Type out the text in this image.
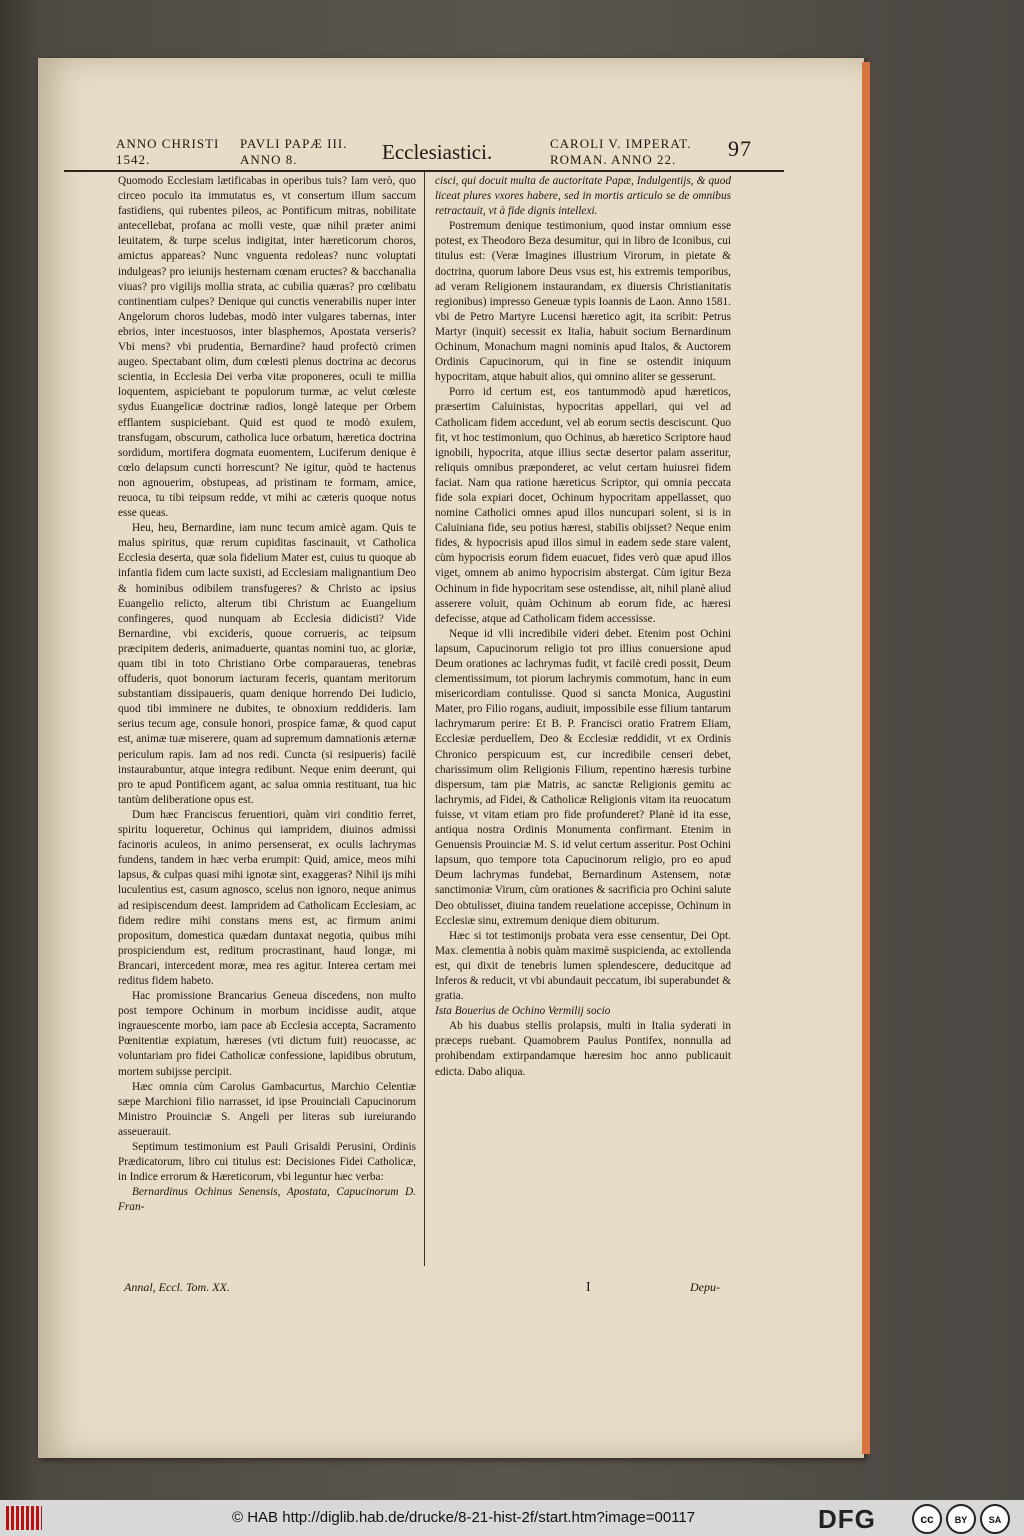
ANNO CHRISTI
1542.
PAVLI PAPÆ III.
ANNO 8.	Ecclesiastici.	CAROLI V. IMPERAT.
ROMAN. ANNO 22.	97

Quomodo Ecclesiam lætificabas in operibus tuis? Iam verò, quo circeo poculo ita immutatus es, vt consertum illum saccum fastidiens, qui rubentes pileos, ac Pontificum mitras, nobilitate antecellebat, profana ac molli veste, quæ nihil præter animi leuitatem, & turpe scelus indigitat, inter hæreticorum choros, amictus appareas? Nunc vnguenta redoleas? nunc voluptati indulgeas? pro ieiunijs hesternam cœnam eructes? & bacchanalia viuas? pro vigilijs mollia strata, ac cubilia quæras? pro cœlibatu continentiam culpes? Denique qui cunctis venerabilis nuper inter Angelorum choros ludebas, modò inter vulgares tabernas, inter ebrios, inter incestuosos, inter blasphemos, Apostata verseris? Vbi mens? vbi prudentia, Bernardine? haud profectò crimen augeo. Spectabant olim, dum cœlesti plenus doctrina ac decorus scientia, in Ecclesia Dei verba vitæ proponeres, oculi te millia loquentem, aspiciebant te populorum turmæ, ac velut cœleste sydus Euangelicæ doctrinæ radios, longè lateque per Orbem efflantem suspiciebant. Quid est quod te modò exulem, transfugam, obscurum, catholica luce orbatum, hæretica doctrina sordidum, mortifera dogmata euomentem, Luciferum denique è cœlo delapsum cuncti horrescunt? Ne igitur, quòd te hactenus non agnouerim, obstupeas, ad pristinam te formam, amice, reuoca, tu tibi teipsum redde, vt mihi ac cæteris quoque notus esse queas.

Heu, heu, Bernardine, iam nunc tecum amicè agam. Quis te malus spiritus, quæ rerum cupiditas fascinauit, vt Catholica Ecclesia deserta, quæ sola fidelium Mater est, cuius tu quoque ab infantia fidem cum lacte suxisti, ad Ecclesiam malignantium Deo & hominibus odibilem transfugeres? & Christo ac ipsius Euangelio relicto, alterum tibi Christum ac Euangelium confingeres, quod nunquam ab Ecclesia didicisti? Vide Bernardine, vbi excideris, quoue corrueris, ac teipsum præcipitem dederis, animaduerte, quantas nomini tuo, ac gloriæ, quam tibi in toto Christiano Orbe comparaueras, tenebras offuderis, quot bonorum iacturam feceris, quantam meritorum substantiam dissipaueris, quam denique horrendo Dei Iudicio, quod tibi imminere ne dubites, te obnoxium reddideris. Iam serius tecum age, consule honori, prospice famæ, & quod caput est, animæ tuæ miserere, quam ad supremum damnationis æternæ periculum rapis. Iam ad nos redi. Cuncta (si resipueris) facilè instaurabuntur, atque integra redibunt. Neque enim deerunt, qui pro te apud Pontificem agant, ac salua omnia restituant, tua hic tantùm deliberatione opus est.

Dum hæc Franciscus feruentiori, quàm viri conditio ferret, spiritu loqueretur, Ochinus qui iampridem, diuinos admissi facinoris aculeos, in animo persenserat, ex oculis lachrymas fundens, tandem in hæc verba erumpit: Quid, amice, meos mihi lapsus, & culpas quasi mihi ignotæ sint, exaggeras? Nihil ijs mihi luculentius est, casum agnosco, scelus non ignoro, neque animus ad resipiscendum deest. Iampridem ad Catholicam Ecclesiam, ac fidem redire mihi constans mens est, ac firmum animi propositum, domestica quædam duntaxat negotia, quibus mihi prospiciendum est, reditum procrastinant, haud longæ, mi Brancari, intercedent moræ, mea res agitur. Interea certam mei reditus fidem habeto.

Hac promissione Brancarius Geneua discedens, non multo post tempore Ochinum in morbum incidisse audit, atque ingrauescente morbo, iam pace ab Ecclesia accepta, Sacramento Pœnitentiæ expiatum, hæreses (vti dictum fuit) reuocasse, ac voluntariam pro fidei Catholicæ confessione, lapidibus obrutum, mortem subijsse percipit.

Hæc omnia cùm Carolus Gambacurtus, Marchio Celentiæ sæpe Marchioni filio narrasset, id ipse Prouinciali Capucinorum Ministro Prouinciæ S. Angeli per literas sub iureiurando asseuerauit.

Septimum testimonium est Pauli Grisaldi Perusini, Ordinis Prædicatorum, libro cui titulus est: Decisiones Fidei Catholicæ, in Indice errorum & Hæreticorum, vbi leguntur hæc verba:

Bernardinus Ochinus Senensis, Apostata, Capucinorum D. Fran-

cisci, qui docuit multa de auctoritate Papæ, Indulgentijs, & quod liceat plures vxores habere, sed in mortis articulo se de omnibus retractauit, vt à fide dignis intellexi.

Postremum denique testimonium, quod instar omnium esse potest, ex Theodoro Beza desumitur, qui in libro de Iconibus, cui titulus est: (Veræ Imagines illustrium Virorum, in pietate & doctrina, quorum labore Deus vsus est, his extremis temporibus, ad veram Religionem instaurandam, ex diuersis Christianitatis regionibus) impresso Geneuæ typis Ioannis de Laon. Anno 1581. vbi de Petro Martyre Lucensi hæretico agit, ita scribit: Petrus Martyr (inquit) secessit ex Italia, habuit socium Bernardinum Ochinum, Monachum magni nominis apud Italos, & Auctorem Ordinis Capucinorum, qui in fine se ostendit iniquum hypocritam, atque habuit alios, qui omnino aliter se gesserunt.

Porro id certum est, eos tantummodò apud hæreticos, præsertim Caluinistas, hypocritas appellari, qui vel ad Catholicam fidem accedunt, vel ab eorum sectis desciscunt. Quo fit, vt hoc testimonium, quo Ochinus, ab hæretico Scriptore haud ignobili, hypocrita, atque illius sectæ desertor palam asseritur, reliquis omnibus præponderet, ac velut certam huiusrei fidem faciat. Nam qua ratione hæreticus Scriptor, qui omnia peccata fide sola expiari docet, Ochinum hypocritam appellasset, quo nomine Catholici omnes apud illos nuncupari solent, si is in Caluiniana fide, seu potius hæresi, stabilis obijsset? Neque enim fides, & hypocrisis apud illos simul in eadem sede stare valent, cùm hypocrisis eorum fidem euacuet, fides verò quæ apud illos viget, omnem ab animo hypocrisim abstergat. Cùm igitur Beza Ochinum in fide hypocritam sese ostendisse, ait, nihil planè aliud asserere voluit, quàm Ochinum ab eorum fide, ac hæresi defecisse, atque ad Catholicam fidem accessisse.

Neque id vlli incredibile videri debet. Etenim post Ochini lapsum, Capucinorum religio tot pro illius conuersione apud Deum orationes ac lachrymas fudit, vt facilè credi possit, Deum clementissimum, tot piorum lachrymis commotum, hanc in eum misericordiam contulisse. Quod si sancta Monica, Augustini Mater, pro Filio rogans, audiuit, impossibile esse filium tantarum lachrymarum perire: Et B. P. Francisci oratio Fratrem Eliam, Ecclesiæ perduellem, Deo & Ecclesiæ reddidit, vt ex Ordinis Chronico perspicuum est, cur incredibile censeri debet, charissimum olim Religionis Filium, repentino hæresis turbine dispersum, tam piæ Matris, ac sanctæ Religionis gemitu ac lachrymis, ad Fidei, & Catholicæ Religionis vitam ita reuocatum fuisse, vt vitam etiam pro fide profunderet? Planè id ita esse, antiqua nostra Ordinis Monumenta confirmant. Etenim in Genuensis Prouinciæ M. S. id velut certum asseritur. Post Ochini lapsum, quo tempore tota Capucinorum religio, pro eo apud Deum lachrymas fundebat, Bernardinum Astensem, notæ sanctimoniæ Virum, cùm orationes & sacrificia pro Ochini salute Deo obtulisset, diuina tandem reuelatione accepisse, Ochinum in Ecclesiæ sinu, extremum denique diem obiturum.

Hæc si tot testimonijs probata vera esse censentur, Dei Opt. Max. clementia à nobis quàm maximè suspicienda, ac extollenda est, qui dixit de tenebris lumen splendescere, deducitque ad Inferos & reducit, vt vbi abundauit peccatum, ibi superabundet & gratia.

Ista Bouerius de Ochino Vermilij socio

Ab his duabus stellis prolapsis, multi in Italia syderati in præceps ruebant. Quamobrem Paulus Pontifex, nonnulla ad prohibendam extirpandamque hæresim hoc anno publicauit edicta. Dabo aliqua.

Annal, Eccl. Tom. XX.	I	Depu-
© HAB http://diglib.hab.de/drucke/8-21-hist-2f/start.htm?image=00117	DFG	cc	BY	SA
